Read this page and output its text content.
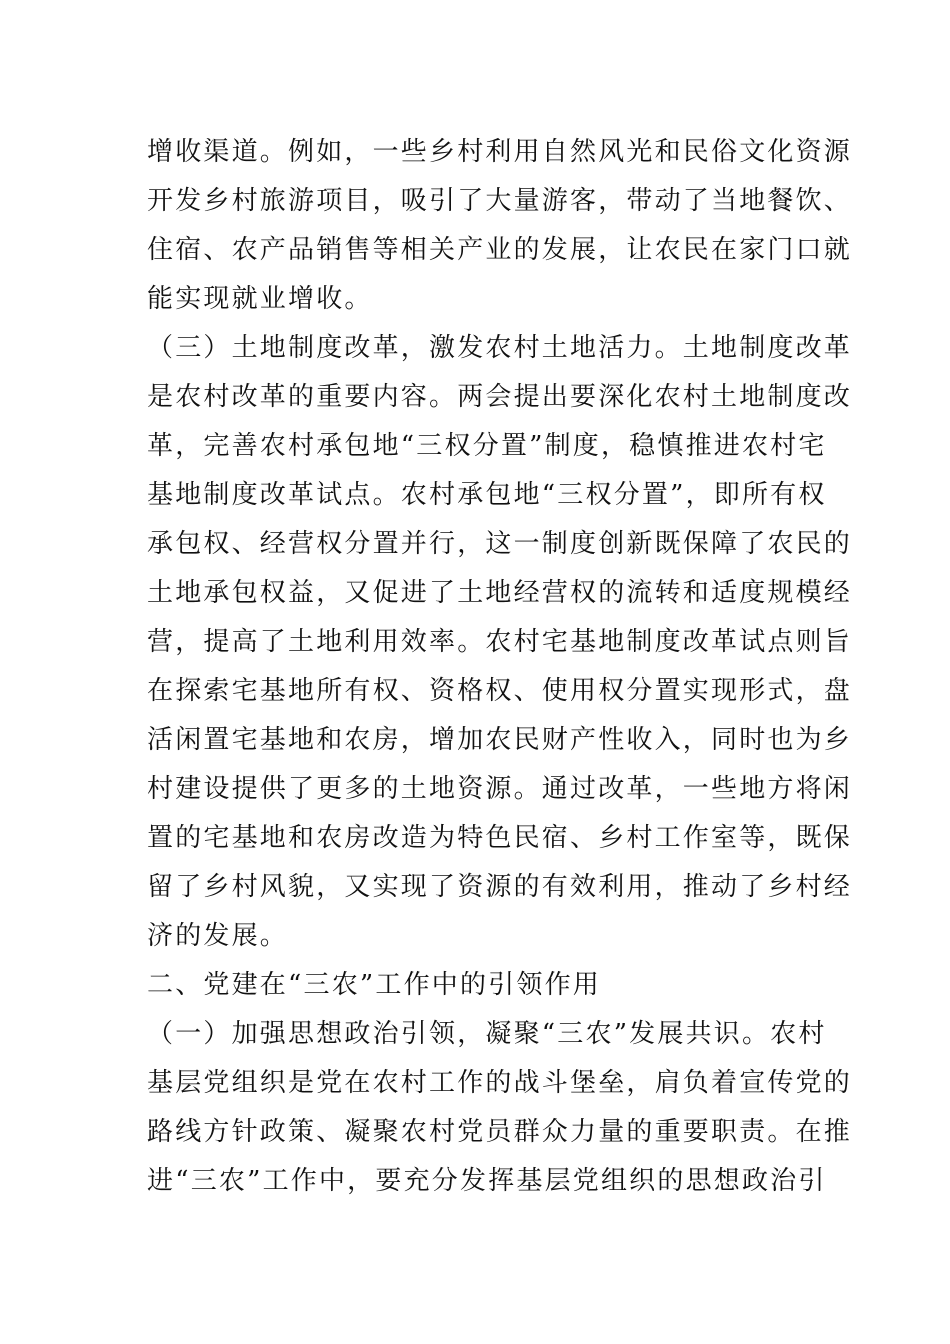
增收渠道。例如，一些乡村利用自然风光和民俗文化资源
开发乡村旅游项目，吸引了大量游客，带动了当地餐饮、
住宿、农产品销售等相关产业的发展，让农民在家门口就
能实现就业增收。
（三）土地制度改革，激发农村土地活力。土地制度改革
是农村改革的重要内容。两会提出要深化农村土地制度改
革，完善农村承包地“三权分置”制度，稳慎推进农村宅
基地制度改革试点。农村承包地“三权分置”，即所有权
承包权、经营权分置并行，这一制度创新既保障了农民的
土地承包权益，又促进了土地经营权的流转和适度规模经
营，提高了土地利用效率。农村宅基地制度改革试点则旨
在探索宅基地所有权、资格权、使用权分置实现形式，盘
活闲置宅基地和农房，增加农民财产性收入，同时也为乡
村建设提供了更多的土地资源。通过改革，一些地方将闲
置的宅基地和农房改造为特色民宿、乡村工作室等，既保
留了乡村风貌，又实现了资源的有效利用，推动了乡村经
济的发展。
二、党建在“三农”工作中的引领作用
（一）加强思想政治引领，凝聚“三农”发展共识。农村
基层党组织是党在农村工作的战斗堡垒，肩负着宣传党的
路线方针政策、凝聚农村党员群众力量的重要职责。在推
进“三农”工作中，要充分发挥基层党组织的思想政治引
